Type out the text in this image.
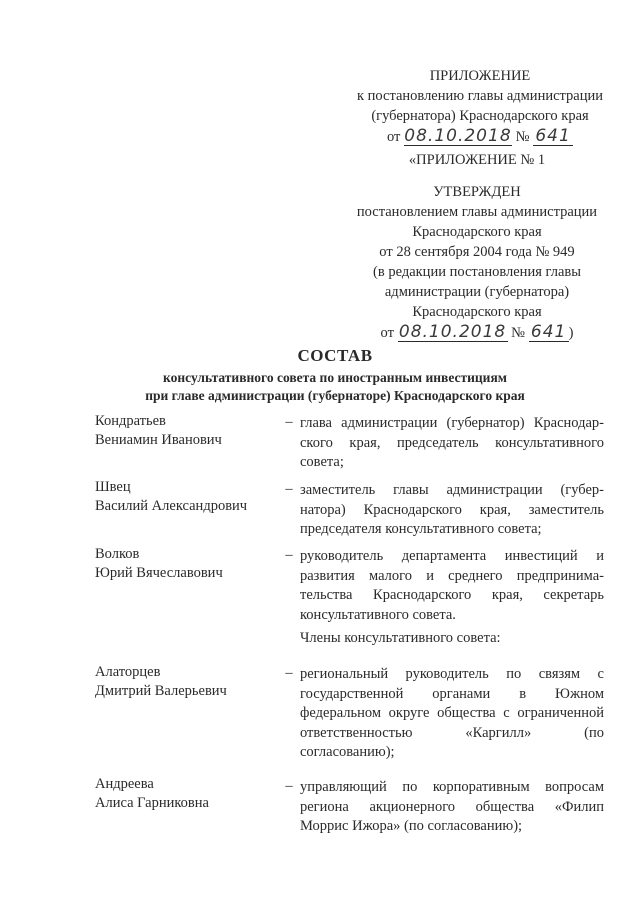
ПРИЛОЖЕНИЕ
к постановлению главы администрации
(губернатора) Краснодарского края
от 08.10.2018 № 641
«ПРИЛОЖЕНИЕ № 1
УТВЕРЖДЕН
постановлением главы администрации
Краснодарского края
от 28 сентября 2004 года № 949
(в редакции постановления главы
администрации (губернатора)
Краснодарского края
от 08.10.2018 № 641 )
СОСТАВ
консультативного совета по иностранным инвестициям
при главе администрации (губернаторе) Краснодарского края
Кондратьев
Вениамин Иванович
– глава администрации (губернатор) Краснодар-
ского края, председатель консультативного
совета;
Швец
Василий Александрович
– заместитель главы администрации (губер-
натора) Краснодарского края, заместитель
председателя консультативного совета;
Волков
Юрий Вячеславович
– руководитель департамента инвестиций и
развития малого и среднего предпринима-
тельства Краснодарского края, секретарь
консультативного совета.
Члены консультативного совета:
Алаторцев
Дмитрий Валерьевич
– региональный руководитель по связям с
государственной органами в Южном
федеральном округе общества с ограниченной
ответственностью «Каргилл» (по
согласованию);
Андреева
Алиса Гарниковна
– управляющий по корпоративным вопросам
региона акционерного общества «Филип
Моррис Ижора» (по согласованию);
